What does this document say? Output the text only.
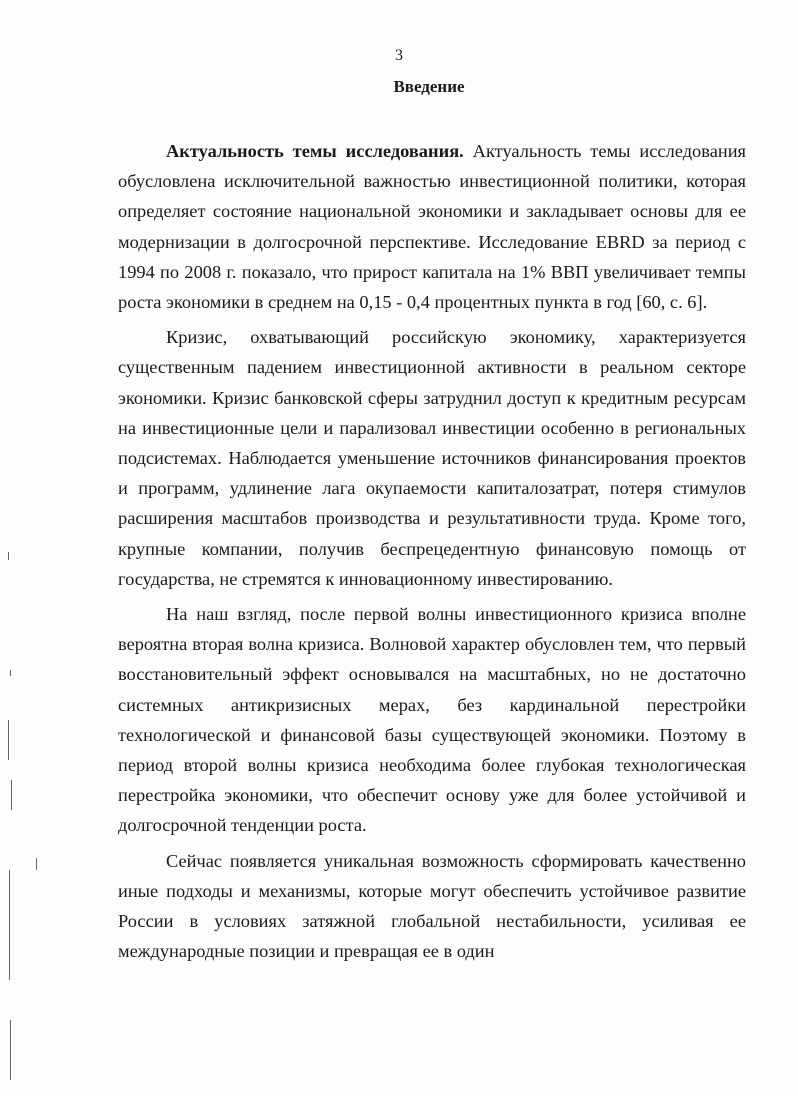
3
Введение

Актуальность темы исследования. Актуальность темы исследования обусловлена исключительной важностью инвестиционной политики, которая определяет состояние национальной экономики и закладывает основы для ее модернизации в долгосрочной перспективе. Исследование EBRD за период с 1994 по 2008 г. показало, что прирост капитала на 1% ВВП увеличивает темпы роста экономики в среднем на 0,15 - 0,4 процентных пункта в год [60, с. 6].

Кризис, охватывающий российскую экономику, характеризуется существенным падением инвестиционной активности в реальном секторе экономики. Кризис банковской сферы затруднил доступ к кредитным ресурсам на инвестиционные цели и парализовал инвестиции особенно в региональных подсистемах. Наблюдается уменьшение источников финансирования проектов и программ, удлинение лага окупаемости капиталозатрат, потеря стимулов расширения масштабов производства и результативности труда. Кроме того, крупные компании, получив беспрецедентную финансовую помощь от государства, не стремятся к инновационному инвестированию.

На наш взгляд, после первой волны инвестиционного кризиса вполне вероятна вторая волна кризиса. Волновой характер обусловлен тем, что первый восстановительный эффект основывался на масштабных, но не достаточно системных антикризисных мерах, без кардинальной перестройки технологической и финансовой базы существующей экономики. Поэтому в период второй волны кризиса необходима более глубокая технологическая перестройка экономики, что обеспечит основу уже для более устойчивой и долгосрочной тенденции роста.

Сейчас появляется уникальная возможность сформировать качественно иные подходы и механизмы, которые могут обеспечить устойчивое развитие России в условиях затяжной глобальной нестабильности, усиливая ее международные позиции и превращая ее в один
